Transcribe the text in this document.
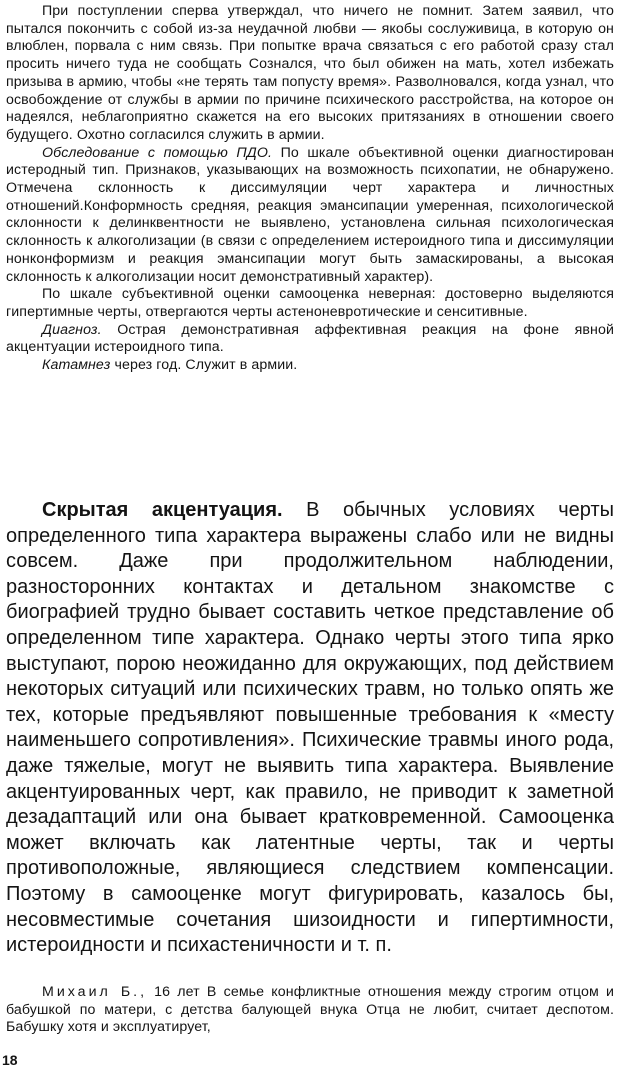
При поступлении сперва утверждал, что ничего не помнит. Затем заявил, что пытался покончить с собой из-за неудачной любви — якобы сослуживица, в которую он влюблен, порвала с ним связь. При попытке врача связаться с его работой сразу стал просить ничего туда не сообщать Сознался, что был обижен на мать, хотел избежать призыва в армию, чтобы «не терять там попусту время». Разволновался, когда узнал, что освобождение от службы в армии по причине психического расстройства, на которое он надеялся, неблагоприятно скажется на его высоких притязаниях в отношении своего будущего. Охотно согласился служить в армии.

Обследование с помощью ПДО. По шкале объективной оценки диагностирован истеродный тип. Признаков, указывающих на возможность психопатии, не обнаружено. Отмечена склонность к диссимуляции черт характера и личностных отношений.Конформность средняя, реакция эмансипации умеренная, психологической склонности к делинквентности не выявлено, установлена сильная психологическая склонность к алкоголизации (в связи с определением истероидного типа и диссимуляции нонконформизм и реакция эмансипации могут быть замаскированы, а высокая склонность к алкоголизации носит демонстративный характер).

По шкале субъективной оценки самооценка неверная: достоверно выделяются гипертимные черты, отвергаются черты астеноневротические и сенситивные.

Диагноз. Острая демонстративная аффективная реакция на фоне явной акцентуации истероидного типа.

Катамнез через год. Служит в армии.

Скрытая акцентуация. В обычных условиях черты определенного типа характера выражены слабо или не видны совсем. Даже при продолжительном наблюдении, разносторонних контактах и детальном знакомстве с биографией трудно бывает составить четкое представление об определенном типе характера. Однако черты этого типа ярко выступают, порою неожиданно для окружающих, под действием некоторых ситуаций или психических травм, но только опять же тех, которые предъявляют повышенные требования к «месту наименьшего сопротивления». Психические травмы иного рода, даже тяжелые, могут не выявить типа характера. Выявление акцентуированных черт, как правило, не приводит к заметной дезадаптаций или она бывает кратковременной. Самооценка может включать как латентные черты, так и черты противоположные, являющиеся следствием компенсации. Поэтому в самооценке могут фигурировать, казалось бы, несовместимые сочетания шизоидности и гипертимности, истероидности и психастеничности и т. п.

Михаил Б., 16 лет В семье конфликтные отношения между строгим отцом и бабушкой по матери, с детства балующей внука Отца не любит, считает деспотом. Бабушку хотя и эксплуатирует,

18
